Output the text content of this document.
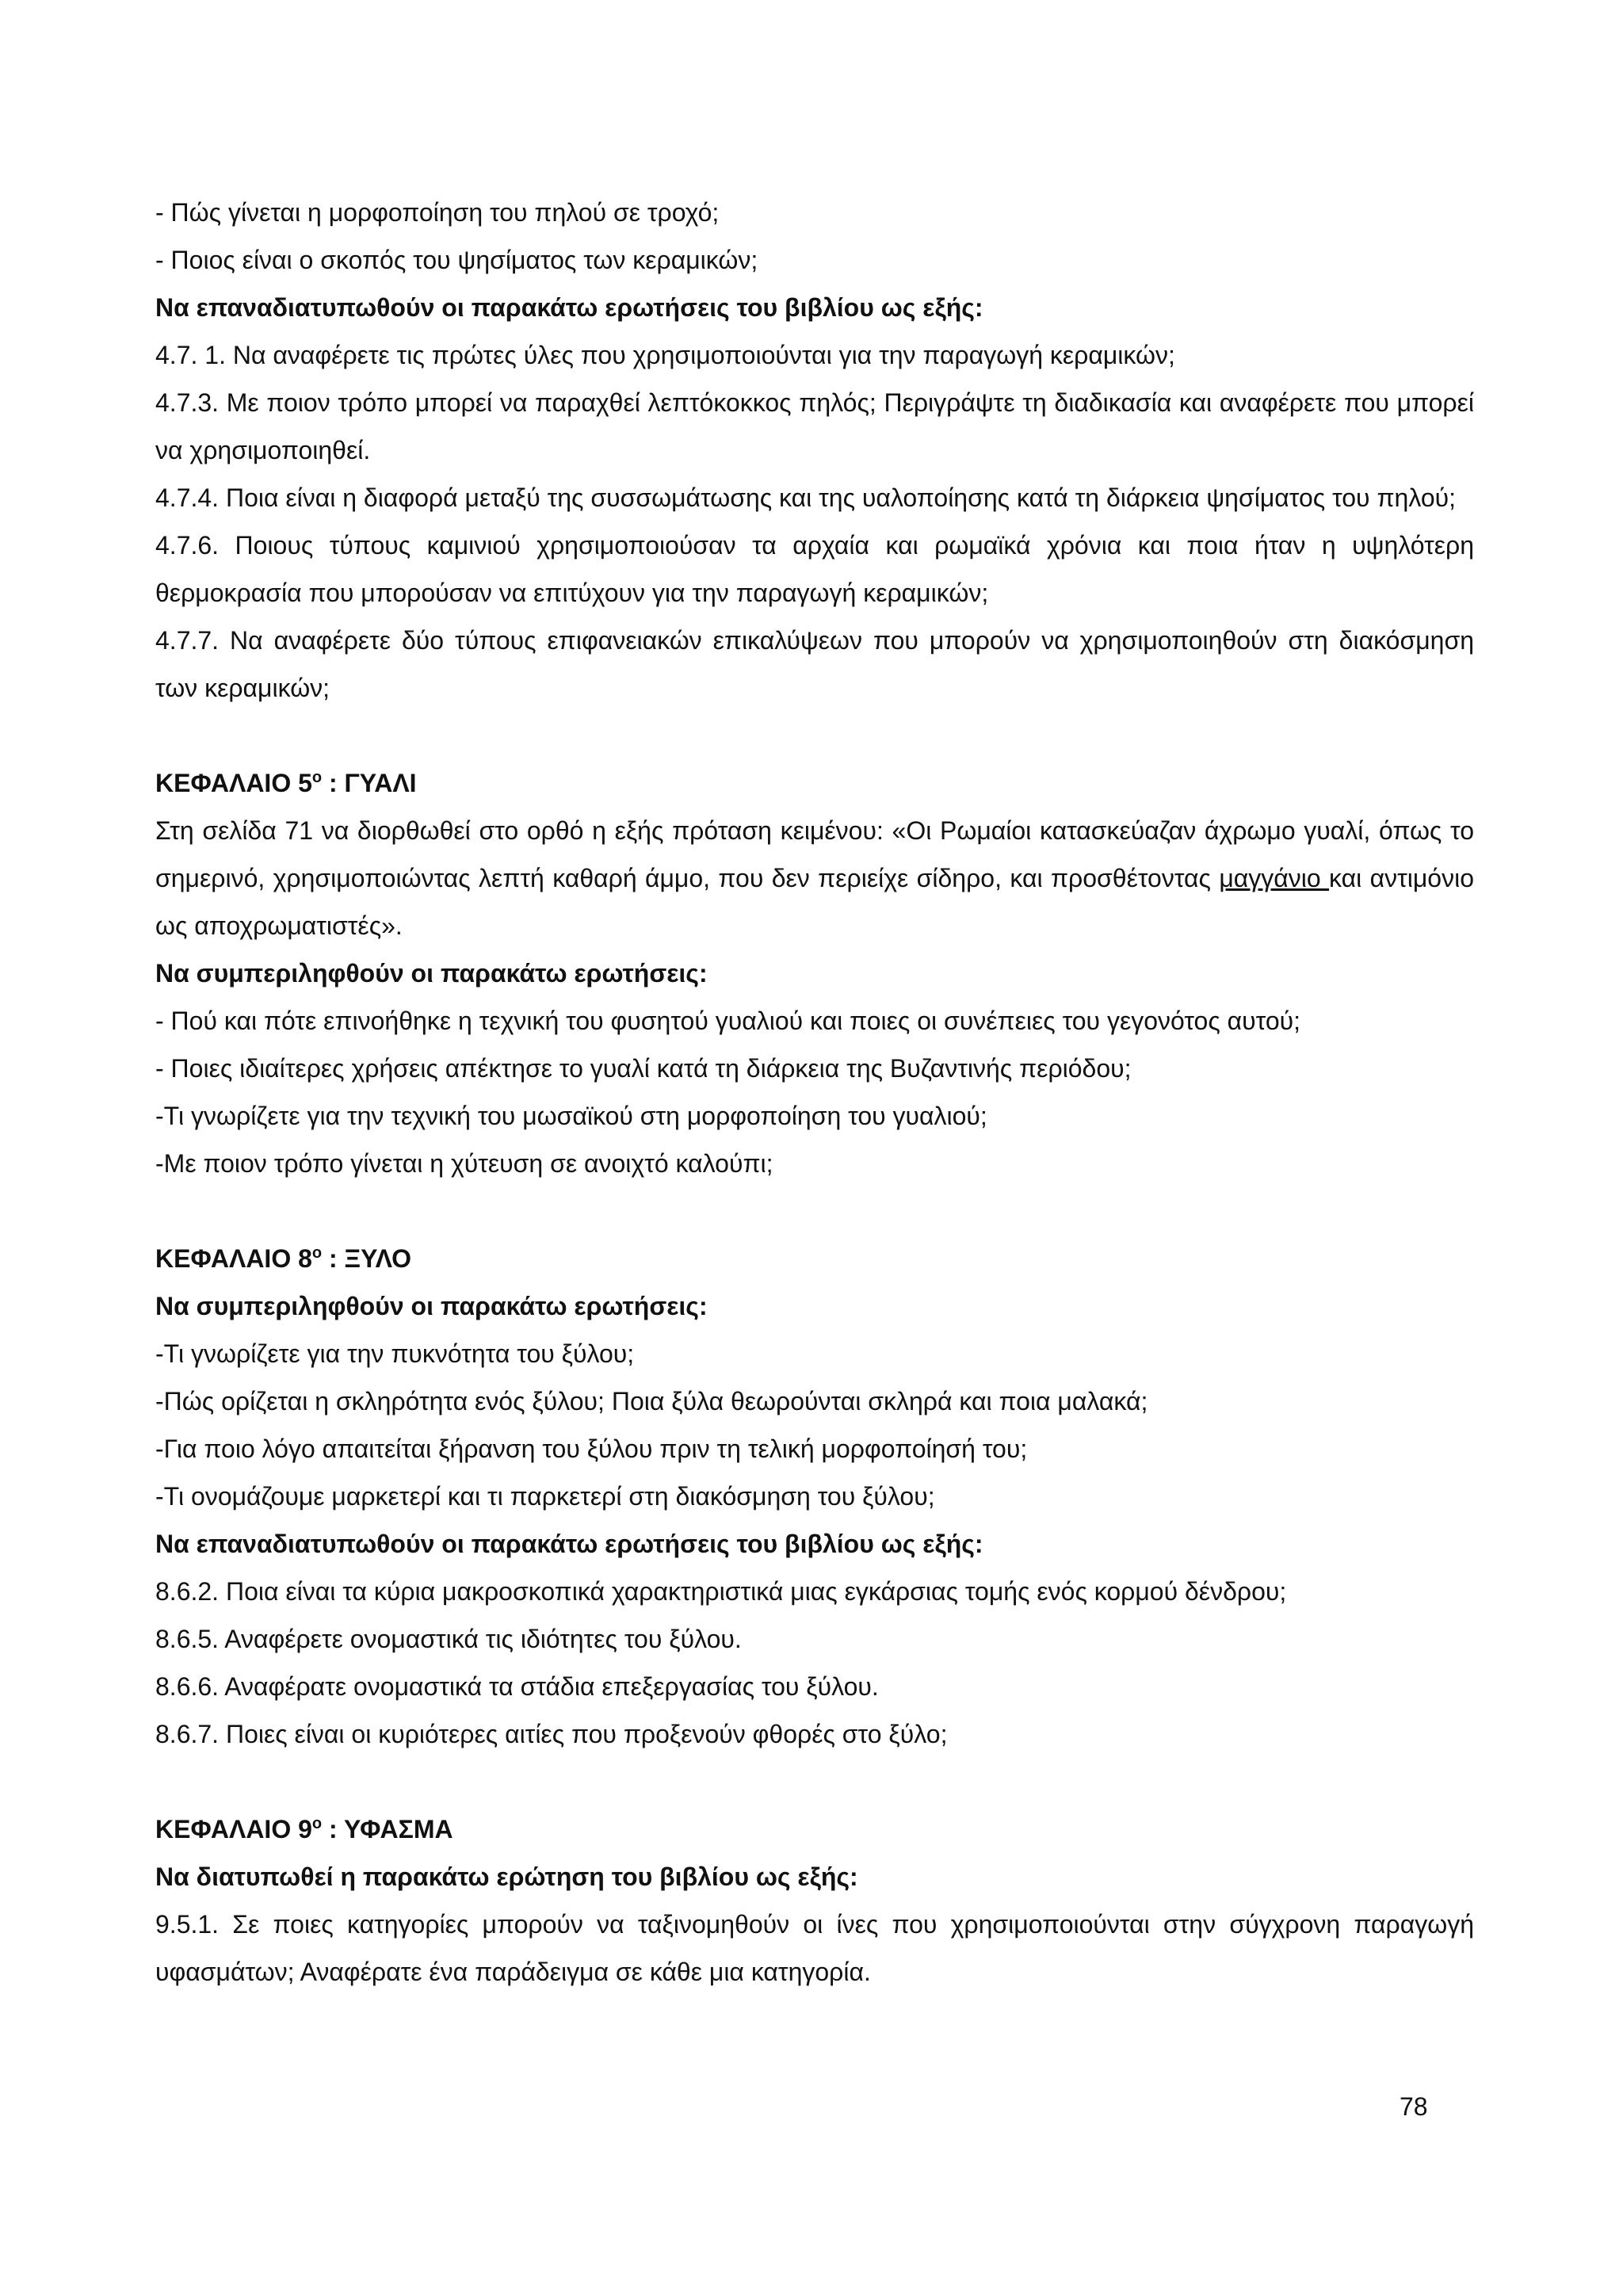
- Πώς γίνεται η μορφοποίηση του πηλού σε τροχό;
- Ποιος είναι ο σκοπός του ψησίματος των κεραμικών;
Να επαναδιατυπωθούν οι παρακάτω ερωτήσεις του βιβλίου ως εξής:
4.7. 1. Να αναφέρετε τις πρώτες ύλες που χρησιμοποιούνται για την παραγωγή κεραμικών;
4.7.3. Με ποιον τρόπο μπορεί να παραχθεί λεπτόκοκκος πηλός; Περιγράψτε τη διαδικασία και αναφέρετε που μπορεί να χρησιμοποιηθεί.
4.7.4. Ποια είναι η διαφορά μεταξύ της συσσωμάτωσης και της υαλοποίησης κατά τη διάρκεια ψησίματος του πηλού;
4.7.6. Ποιους τύπους καμινιού χρησιμοποιούσαν τα αρχαία και ρωμαϊκά χρόνια και ποια ήταν η υψηλότερη θερμοκρασία που μπορούσαν να επιτύχουν για την παραγωγή κεραμικών;
4.7.7. Να αναφέρετε δύο τύπους επιφανειακών επικαλύψεων που μπορούν να χρησιμοποιηθούν στη διακόσμηση των κεραμικών;
ΚΕΦΑΛΑΙΟ $5^o$ : ΓΥΑΛΙ
Στη σελίδα 71 να διορθωθεί στο ορθό η εξής πρόταση κειμένου: «Οι Ρωμαίοι κατασκεύαζαν άχρωμο γυαλί, όπως το σημερινό, χρησιμοποιώντας λεπτή καθαρή άμμο, που δεν περιείχε σίδηρο, και προσθέτοντας μαγγάνιο και αντιμόνιο ως αποχρωματιστές».
Να συμπεριληφθούν οι παρακάτω ερωτήσεις:
- Πού και πότε επινοήθηκε η τεχνική του φυσητού γυαλιού και ποιες οι συνέπειες του γεγονότος αυτού;
- Ποιες ιδιαίτερες χρήσεις απέκτησε το γυαλί κατά τη διάρκεια της Βυζαντινής περιόδου;
-Τι γνωρίζετε για την τεχνική του μωσαϊκού στη μορφοποίηση του γυαλιού;
-Με ποιον τρόπο γίνεται η χύτευση σε ανοιχτό καλούπι;
ΚΕΦΑΛΑΙΟ $8^o$ : ΞΥΛΟ
Να συμπεριληφθούν οι παρακάτω ερωτήσεις:
-Τι γνωρίζετε για την πυκνότητα του ξύλου;
-Πώς ορίζεται η σκληρότητα ενός ξύλου; Ποια ξύλα θεωρούνται σκληρά και ποια μαλακά;
-Για ποιο λόγο απαιτείται ξήρανση του ξύλου πριν τη τελική μορφοποίησή του;
-Τι ονομάζουμε μαρκετερί και τι παρκετερί στη διακόσμηση του ξύλου;
Να επαναδιατυπωθούν οι παρακάτω ερωτήσεις του βιβλίου ως εξής:
8.6.2. Ποια είναι τα κύρια μακροσκοπικά χαρακτηριστικά μιας εγκάρσιας τομής ενός κορμού δένδρου;
8.6.5. Αναφέρετε ονομαστικά τις ιδιότητες του ξύλου.
8.6.6. Αναφέρατε ονομαστικά τα στάδια επεξεργασίας του ξύλου.
8.6.7. Ποιες είναι οι κυριότερες αιτίες που προξενούν φθορές στο ξύλο;
ΚΕΦΑΛΑΙΟ $9^o$ : ΥΦΑΣΜΑ
Να διατυπωθεί η παρακάτω ερώτηση του βιβλίου ως εξής:
9.5.1. Σε ποιες κατηγορίες μπορούν να ταξινομηθούν οι ίνες που χρησιμοποιούνται στην σύγχρονη παραγωγή υφασμάτων; Αναφέρατε ένα παράδειγμα σε κάθε μια κατηγορία.
78
